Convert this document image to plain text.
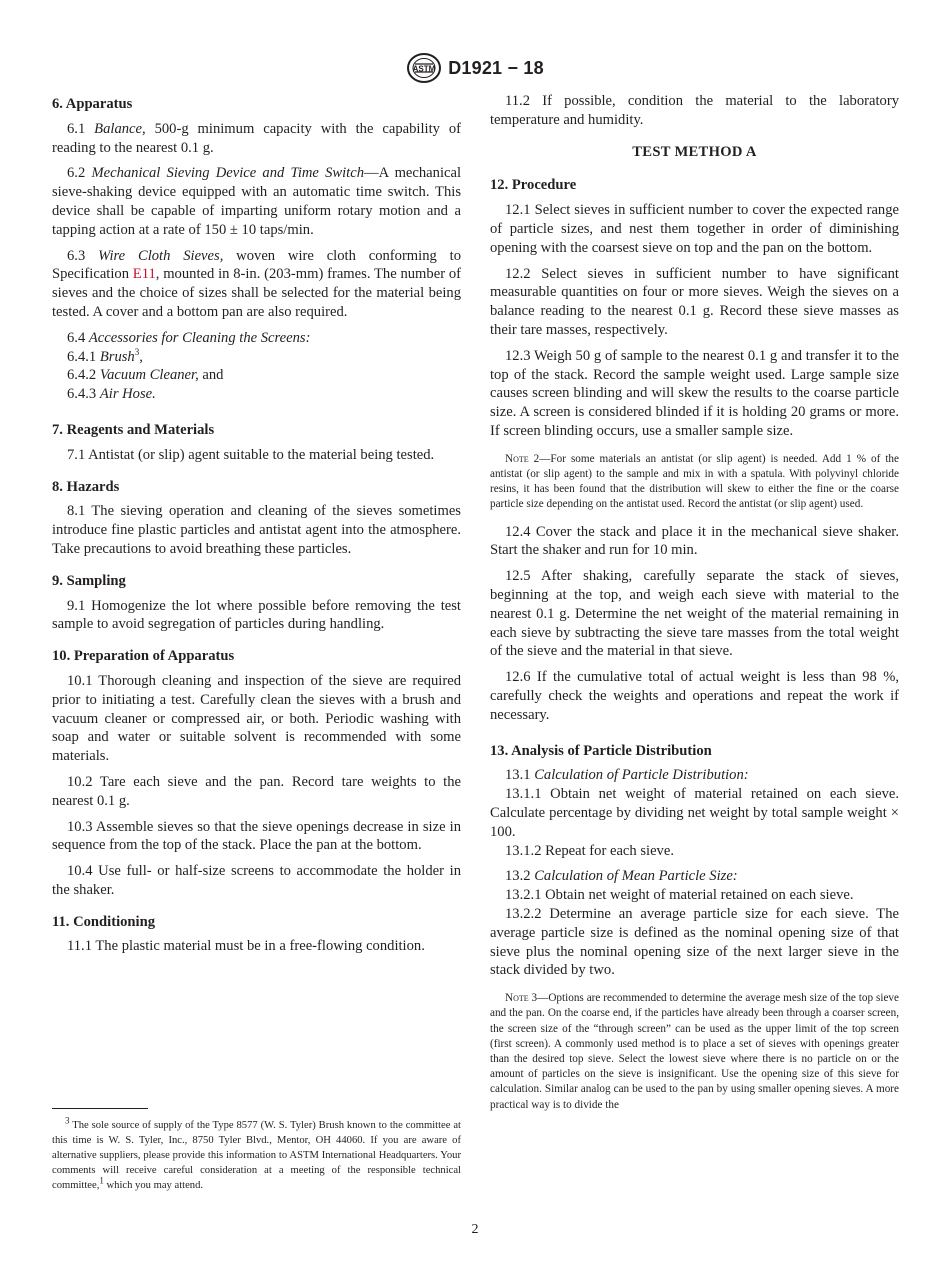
ASTM D1921 − 18
6. Apparatus

6.1 Balance, 500-g minimum capacity with the capability of reading to the nearest 0.1 g.

6.2 Mechanical Sieving Device and Time Switch—A mechanical sieve-shaking device equipped with an automatic time switch. This device shall be capable of imparting uniform rotary motion and a tapping action at a rate of 150 ± 10 taps/min.

6.3 Wire Cloth Sieves, woven wire cloth conforming to Specification E11, mounted in 8-in. (203-mm) frames. The number of sieves and the choice of sizes shall be selected for the material being tested. A cover and a bottom pan are also required.

6.4 Accessories for Cleaning the Screens:

6.4.1 Brush$^3$,

6.4.2 Vacuum Cleaner, and

6.4.3 Air Hose.

7. Reagents and Materials

7.1 Antistat (or slip) agent suitable to the material being tested.

8. Hazards

8.1 The sieving operation and cleaning of the sieves sometimes introduce fine plastic particles and antistat agent into the atmosphere. Take precautions to avoid breathing these particles.

9. Sampling

9.1 Homogenize the lot where possible before removing the test sample to avoid segregation of particles during handling.

10. Preparation of Apparatus

10.1 Thorough cleaning and inspection of the sieve are required prior to initiating a test. Carefully clean the sieves with a brush and vacuum cleaner or compressed air, or both. Periodic washing with soap and water or suitable solvent is recommended with some materials.

10.2 Tare each sieve and the pan. Record tare weights to the nearest 0.1 g.

10.3 Assemble sieves so that the sieve openings decrease in size in sequence from the top of the stack. Place the pan at the bottom.

10.4 Use full- or half-size screens to accommodate the holder in the shaker.

11. Conditioning

11.1 The plastic material must be in a free-flowing condition.

$^3$ The sole source of supply of the Type 8577 (W. S. Tyler) Brush known to the committee at this time is W. S. Tyler, Inc., 8750 Tyler Blvd., Mentor, OH 44060. If you are aware of alternative suppliers, please provide this information to ASTM International Headquarters. Your comments will receive careful consideration at a meeting of the responsible technical committee,$^1$ which you may attend.

11.2 If possible, condition the material to the laboratory temperature and humidity.

TEST METHOD A

12. Procedure

12.1 Select sieves in sufficient number to cover the expected range of particle sizes, and nest them together in order of diminishing opening with the coarsest sieve on top and the pan on the bottom.

12.2 Select sieves in sufficient number to have significant measurable quantities on four or more sieves. Weigh the sieves on a balance reading to the nearest 0.1 g. Record these sieve masses as their tare masses, respectively.

12.3 Weigh 50 g of sample to the nearest 0.1 g and transfer it to the top of the stack. Record the sample weight used. Large sample size causes screen blinding and will skew the results to the coarse particle size. A screen is considered blinded if it is holding 20 grams or more. If screen blinding occurs, use a smaller sample size.

Note 2—For some materials an antistat (or slip agent) is needed. Add 1 % of the antistat (or slip agent) to the sample and mix in with a spatula. With polyvinyl chloride resins, it has been found that the distribution will skew to either the fine or the coarse particle size depending on the antistat used. Record the antistat (or slip agent) used.

12.4 Cover the stack and place it in the mechanical sieve shaker. Start the shaker and run for 10 min.

12.5 After shaking, carefully separate the stack of sieves, beginning at the top, and weigh each sieve with material to the nearest 0.1 g. Determine the net weight of the material remaining in each sieve by subtracting the sieve tare masses from the total weight of the sieve and the material in that sieve.

12.6 If the cumulative total of actual weight is less than 98 %, carefully check the weights and operations and repeat the work if necessary.

13. Analysis of Particle Distribution

13.1 Calculation of Particle Distribution:

13.1.1 Obtain net weight of material retained on each sieve. Calculate percentage by dividing net weight by total sample weight × 100.

13.1.2 Repeat for each sieve.

13.2 Calculation of Mean Particle Size:

13.2.1 Obtain net weight of material retained on each sieve.

13.2.2 Determine an average particle size for each sieve. The average particle size is defined as the nominal opening size of that sieve plus the nominal opening size of the next larger sieve in the stack divided by two.

Note 3—Options are recommended to determine the average mesh size of the top sieve and the pan. On the coarse end, if the particles have already been through a coarser screen, the screen size of the “through screen” can be used as the upper limit of the top screen (first screen). A commonly used method is to place a set of sieves with openings greater than the desired top sieve. Select the lowest sieve where there is no particle on or the amount of particles on the sieve is insignificant. Use the opening size of this sieve for calculation. Similar analog can be used to the pan by using smaller opening sieves. A more practical way is to divide the

2
